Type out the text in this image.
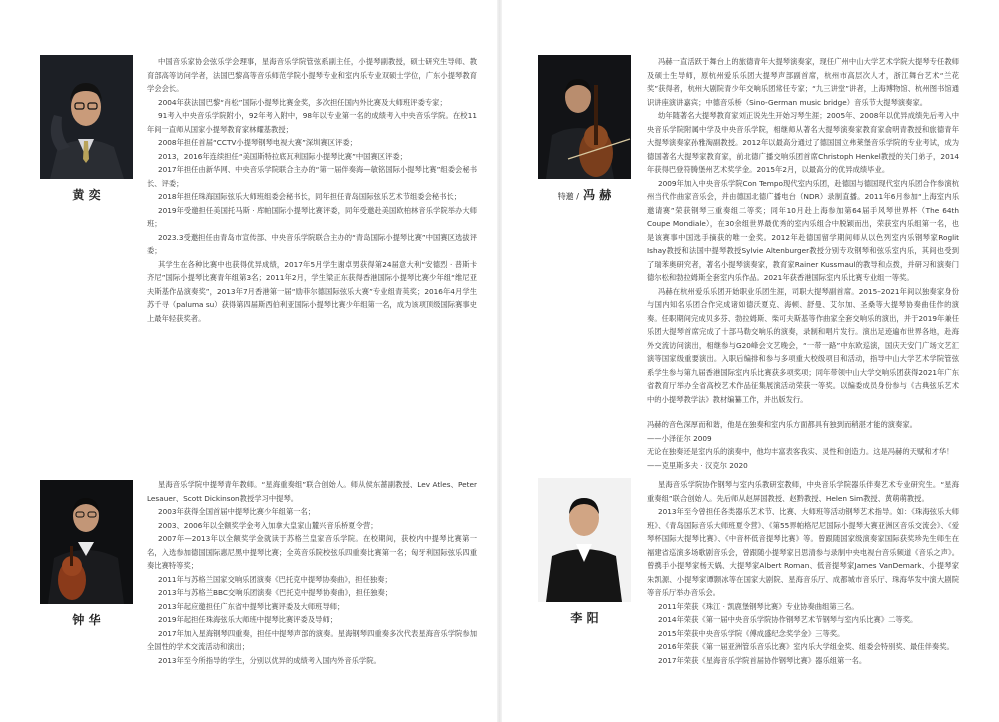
黄 奕

中国音乐家协会弦乐学会理事，星海音乐学院管弦系副主任，小提琴副教授，硕士研究生导师、教育部高等访问学者，法国巴黎高等音乐师范学院小提琴专业和室内乐专业双硕士学位，广东小提琴教育学会会长。

2004年获法国巴黎“肖松”国际小提琴比赛金奖，多次担任国内外比赛及大师班评委专家；

91考入中央音乐学院附小，92年考入附中，98年以专业第一名的成绩考入中央音乐学院。在校11年间一直师从国家小提琴教育家林耀基教授；

2008年担任首届“CCTV小提琴钢琴电视大赛”深圳赛区评委；

2013，2016年连续担任“美国斯特拉底瓦利国际小提琴比赛”中国赛区评委；

2017年担任由新华网、中央音乐学院联合主办的“第一届伴奏海—敏铭国际小提琴比赛”组委会秘书长、评委；

2018年担任珠海国际弦乐大师班组委会秘书长，同年担任青岛国际弦乐艺术节组委会秘书长；

2019年受邀担任美国托马斯 · 库帕国际小提琴比赛评委，同年受邀赴美国欧柏林音乐学院举办大师班；

2023.3受邀担任由青岛市宣传部、中央音乐学院联合主办的“青岛国际小提琴比赛”中国赛区选拔评委；

其学生在各种比赛中也获得优异成绩，2017年5月学生谢卓男获得第24届意大利“安德烈 · 普斯卡齐尼”国际小提琴比赛青年组第3名；2011年2月，学生梁正东获得香港国际小提琴比赛少年组“维尼亚夫斯基作品演奏奖”，2013年7月香港第一届“励菲尔德国际弦乐大赛”专业组青英奖；2016年4月学生苏千寻（paluma su）获得第四届斯西伯利亚国际小提琴比赛少年组第一名，成为该项顶级国际赛事史上最年轻获奖者。

特邀 / 冯 赫

冯赫一直活跃于舞台上的旅德青年大提琴演奏家，现任广州中山大学艺术学院大提琴专任教师及硕士生导师，原杭州爱乐乐团大提琴声部副首席，杭州市高层次人才，浙江舞台艺术“兰花奖”获得者，杭州大剧院青少年交响乐团常任专家；“九三讲堂”讲者，上海博物馆、杭州图书馆通识讲座演讲嘉宾；中德音乐桥（Sino-German music bridge）音乐节大提琴演奏家。

幼年随著名大提琴教育家刘正说先生开始习琴生涯；2005年、2008年以优异成绩先后考入中央音乐学院附属中学及中央音乐学院，相继师从著名大提琴演奏家教育家俞明青教授和旅德青年大提琴演奏家孙雅淘副教授。2012年以最高分通过了德国国立弗莱堡音乐学院的专业考试，成为德国著名大提琴家教育家，前北德广播交响乐团首席Christoph Henkel教授的关门弟子，2014年获得巴登符腾堡州艺术奖学金。2015年2月，以最高分的优异成绩毕业。

2009年加入中央音乐学院Con Tempo现代室内乐团，赴德国与德国现代室内乐团合作参演杭州当代作曲家音乐会，并由德国北德广播电台（NDR）录制直播。2011年6月参加“上海室内乐邀请赛”荣获钢琴三重奏组二等奖；同年10月赴上海参加第64届手风琴世界杯（The 64th Coupe Mondiale），在30余组世界最优秀的室内乐组合中脱颖而出，荣获室内乐组第一名，也是该赛事中国选手摘获的唯一金奖。2012年赴德国留学期间师从以色列室内乐钢琴家Roglit Ishay教授和法国中提琴教授Sylvie Altenburger教授分别专攻钢琴和弦乐室内乐，其间也受到了瑞苯奥研究者，著名小提琴演奏家，教育家Rainer Kussmaul的教导和点拨，并研习和演奏门德尔松和勃拉姆斯全套室内乐作品。2021年获香港国际室内乐比赛专业组一等奖。

冯赫在杭州爱乐乐团开始职业乐团生涯，司职大提琴副首席。2015–2021年间以独奏家身份与国内知名乐团合作完成诸如德沃夏克、海顿、舒曼、艾尔加、圣桑等大提琴协奏曲佳作的演奏。任职期间完成贝多芬、勃拉姆斯、柴可夫斯基等作曲家全套交响乐的演出，并于2019年兼任乐团大提琴首席完成了十部马勒交响乐的演奏，录制和唱片发行。演出足迹遍布世界各地，赴海外交流访问演出，相继参与G20峰会文艺晚会，“一带一路”中东欧巡演，国庆天安门广场文艺汇演等国家级重要演出。入职后编排和参与多项重大校级项目和活动，指导中山大学艺术学院管弦系学生参与第九届香港国际室内乐比赛获多项奖项；同年带领中山大学交响乐团获得2021年广东省教育厅举办全省高校艺术作品征集展演活动荣获一等奖。以编委成员身份参与《古典弦乐艺术中的小提琴教学法》教材编纂工作，并出版发行。

冯赫的音色深厚而和谐，他是在独奏和室内乐方面都具有独到而稍湛才能的演奏家。

——小泽征尔 2009

无论在独奏还是室内乐的演奏中，他均丰富表客我实、灵性和创造力。这是冯赫的天赋和才华！

——克里斯多夫 · 汉克尔 2020

钟 华

星海音乐学院中提琴青年教师。“星海重奏组”联合创始人。师从侯东蔷副教授、Lev Atles、Peter Lesauer、Scott Dickinson教授学习中提琴。

2003年获得全国首届中提琴比赛少年组第一名；

2003、2006年以全额奖学金考入加拿大皇家山麓兴音乐桥夏令营；

2007年—2013年以全额奖学金就读于苏格兰皇家音乐学院。在校期间，获校内中提琴比赛第一名，入选参加德国国际惠尼黑中提琴比赛；全英音乐院校弦乐四重奏比赛第一名；匈牙利国际弦乐四重奏比赛特等奖；

2011年与苏格兰国家交响乐团演奏《巴托克中提琴协奏曲》，担任独奏；

2013年与苏格兰BBC交响乐团演奏《巴托克中提琴协奏曲》，担任独奏；

2013年起应邀担任广东省中提琴比赛评委及大师班导师；

2019年起担任珠海弦乐大师班中提琴比赛评委及导师；

2017年加入星海钢琴四重奏，担任中提琴声部的演奏。星海钢琴四重奏多次代表星海音乐学院参加全国性的学术交流活动和演出；

2013年至今所指导的学生，分别以优异的成绩考入国内外音乐学院。

李 阳

星海音乐学院协作钢琴与室内乐教研室教师，中央音乐学院器乐伴奏艺术专业研究生。“星海重奏组”联合创始人。先后师从赵屏国教授、赵黔教授、Helen Sim教授、黄萌萌教授。

2013年至今曾担任各类器乐艺术节、比赛、大师班等活动钢琴艺术指导。如：《珠海弦乐大师班》、《青岛国际音乐大师班夏令营》、《第55界帕格尼尼国际小提琴大赛亚洲区音乐交流会》、《爱琴杯国际大提琴比赛》、《中音杯低音提琴比赛》等。曾跟随国家级演奏家国际获奖珍先生师生在福建省巡演多场歌剧音乐会，曾跟随小提琴家吕思清参与录制中央电视台音乐频道《音乐之声》。曾携手小提琴家杨天娲、大提琴家Albert Roman、低音提琴家James VanDemark、小提琴家朱凯源、小提琴家谭颢冰等在国家大剧院、星海音乐厅、成都城市音乐厅、珠海华发中演大剧院等音乐厅举办音乐会。

2011年荣获《珠江 · 凯鹿堡钢琴比赛》专业协奏曲组第三名。

2014年荣获《第一届中央音乐学院协作钢琴艺术节钢琴与室内乐比赛》二等奖。

2015年荣获中央音乐学院《傅成盛纪念奖学金》三等奖。

2016年荣获《第一届亚洲管乐音乐比赛》室内乐大学组金奖、组委会特别奖、最佳伴奏奖。

2017年荣获《星海音乐学院首届协作钢琴比赛》器乐组第一名。
